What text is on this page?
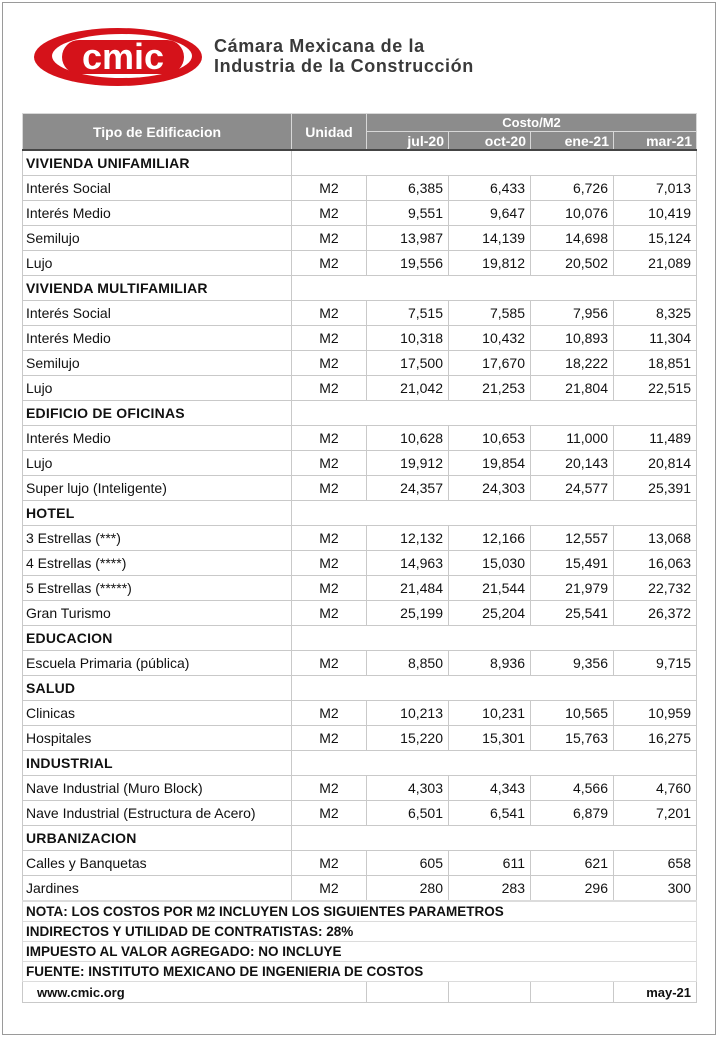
cmic	Cámara Mexicana de la
Industria de la Construcción
Tipo de Edificacion	Unidad	Costo/M2			
		jul-20	oct-20	ene-21	mar-21
VIVIENDA UNIFAMILIAR					
Interés Social	M2	6,385	6,433	6,726	7,013
Interés Medio	M2	9,551	9,647	10,076	10,419
Semilujo	M2	13,987	14,139	14,698	15,124
Lujo	M2	19,556	19,812	20,502	21,089
VIVIENDA MULTIFAMILIAR					
Interés Social	M2	7,515	7,585	7,956	8,325
Interés Medio	M2	10,318	10,432	10,893	11,304
Semilujo	M2	17,500	17,670	18,222	18,851
Lujo	M2	21,042	21,253	21,804	22,515
EDIFICIO DE OFICINAS					
Interés Medio	M2	10,628	10,653	11,000	11,489
Lujo	M2	19,912	19,854	20,143	20,814
Super lujo (Inteligente)	M2	24,357	24,303	24,577	25,391
HOTEL					
3 Estrellas (***)	M2	12,132	12,166	12,557	13,068
4 Estrellas (****)	M2	14,963	15,030	15,491	16,063
5 Estrellas (*****)	M2	21,484	21,544	21,979	22,732
Gran Turismo	M2	25,199	25,204	25,541	26,372
EDUCACION					
Escuela Primaria (pública)	M2	8,850	8,936	9,356	9,715
SALUD					
Clinicas	M2	10,213	10,231	10,565	10,959
Hospitales	M2	15,220	15,301	15,763	16,275
INDUSTRIAL					
Nave Industrial (Muro Block)	M2	4,303	4,343	4,566	4,760
Nave Industrial (Estructura de Acero)	M2	6,501	6,541	6,879	7,201
URBANIZACION					
Calles y Banquetas	M2	605	611	621	658
Jardines	M2	280	283	296	300
NOTA: LOS COSTOS POR M2 INCLUYEN LOS SIGUIENTES PARAMETROS					
INDIRECTOS Y UTILIDAD DE CONTRATISTAS: 28%					
IMPUESTO AL VALOR AGREGADO: NO INCLUYE					
FUENTE: INSTITUTO MEXICANO DE INGENIERIA DE COSTOS					
www.cmic.org					may-21
